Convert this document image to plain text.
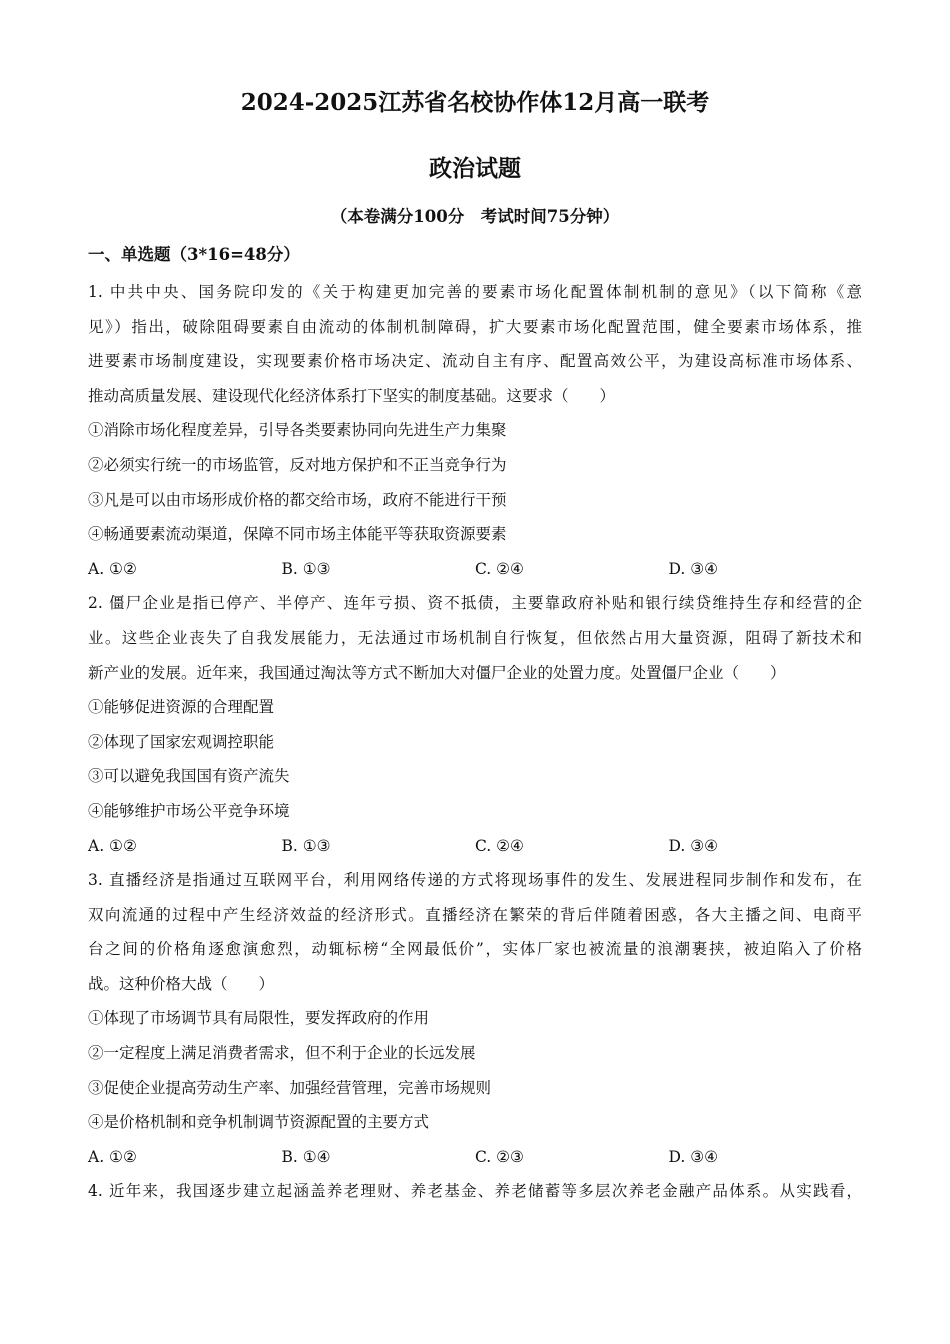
2024-2025江苏省名校协作体12月高一联考
政治试题
（本卷满分100分　考试时间75分钟）
一、单选题（3*16=48分）
1. 中共中央、国务院印发的《关于构建更加完善的要素市场化配置体制机制的意见》（以下简称《意
见》）指出，破除阻碍要素自由流动的体制机制障碍，扩大要素市场化配置范围，健全要素市场体系，推
进要素市场制度建设，实现要素价格市场决定、流动自主有序、配置高效公平，为建设高标准市场体系、
推动高质量发展、建设现代化经济体系打下坚实的制度基础。这要求（　　）
①消除市场化程度差异，引导各类要素协同向先进生产力集聚
②必须实行统一的市场监管，反对地方保护和不正当竞争行为
③凡是可以由市场形成价格的都交给市场，政府不能进行干预
④畅通要素流动渠道，保障不同市场主体能平等获取资源要素
A. ①②	B. ①③	C. ②④	D. ③④
2. 僵尸企业是指已停产、半停产、连年亏损、资不抵债，主要靠政府补贴和银行续贷维持生存和经营的企
业。这些企业丧失了自我发展能力，无法通过市场机制自行恢复，但依然占用大量资源，阻碍了新技术和
新产业的发展。近年来，我国通过淘汰等方式不断加大对僵尸企业的处置力度。处置僵尸企业（　　）
①能够促进资源的合理配置
②体现了国家宏观调控职能
③可以避免我国国有资产流失
④能够维护市场公平竞争环境
A. ①②	B. ①③	C. ②④	D. ③④
3. 直播经济是指通过互联网平台，利用网络传递的方式将现场事件的发生、发展进程同步制作和发布，在
双向流通的过程中产生经济效益的经济形式。直播经济在繁荣的背后伴随着困惑，各大主播之间、电商平
台之间的价格角逐愈演愈烈，动辄标榜“全网最低价”，实体厂家也被流量的浪潮裹挟，被迫陷入了价格
战。这种价格大战（　　）
①体现了市场调节具有局限性，要发挥政府的作用
②一定程度上满足消费者需求，但不利于企业的长远发展
③促使企业提高劳动生产率、加强经营管理，完善市场规则
④是价格机制和竞争机制调节资源配置的主要方式
A. ①②	B. ①④	C. ②③	D. ③④
4. 近年来，我国逐步建立起涵盖养老理财、养老基金、养老储蓄等多层次养老金融产品体系。从实践看，
